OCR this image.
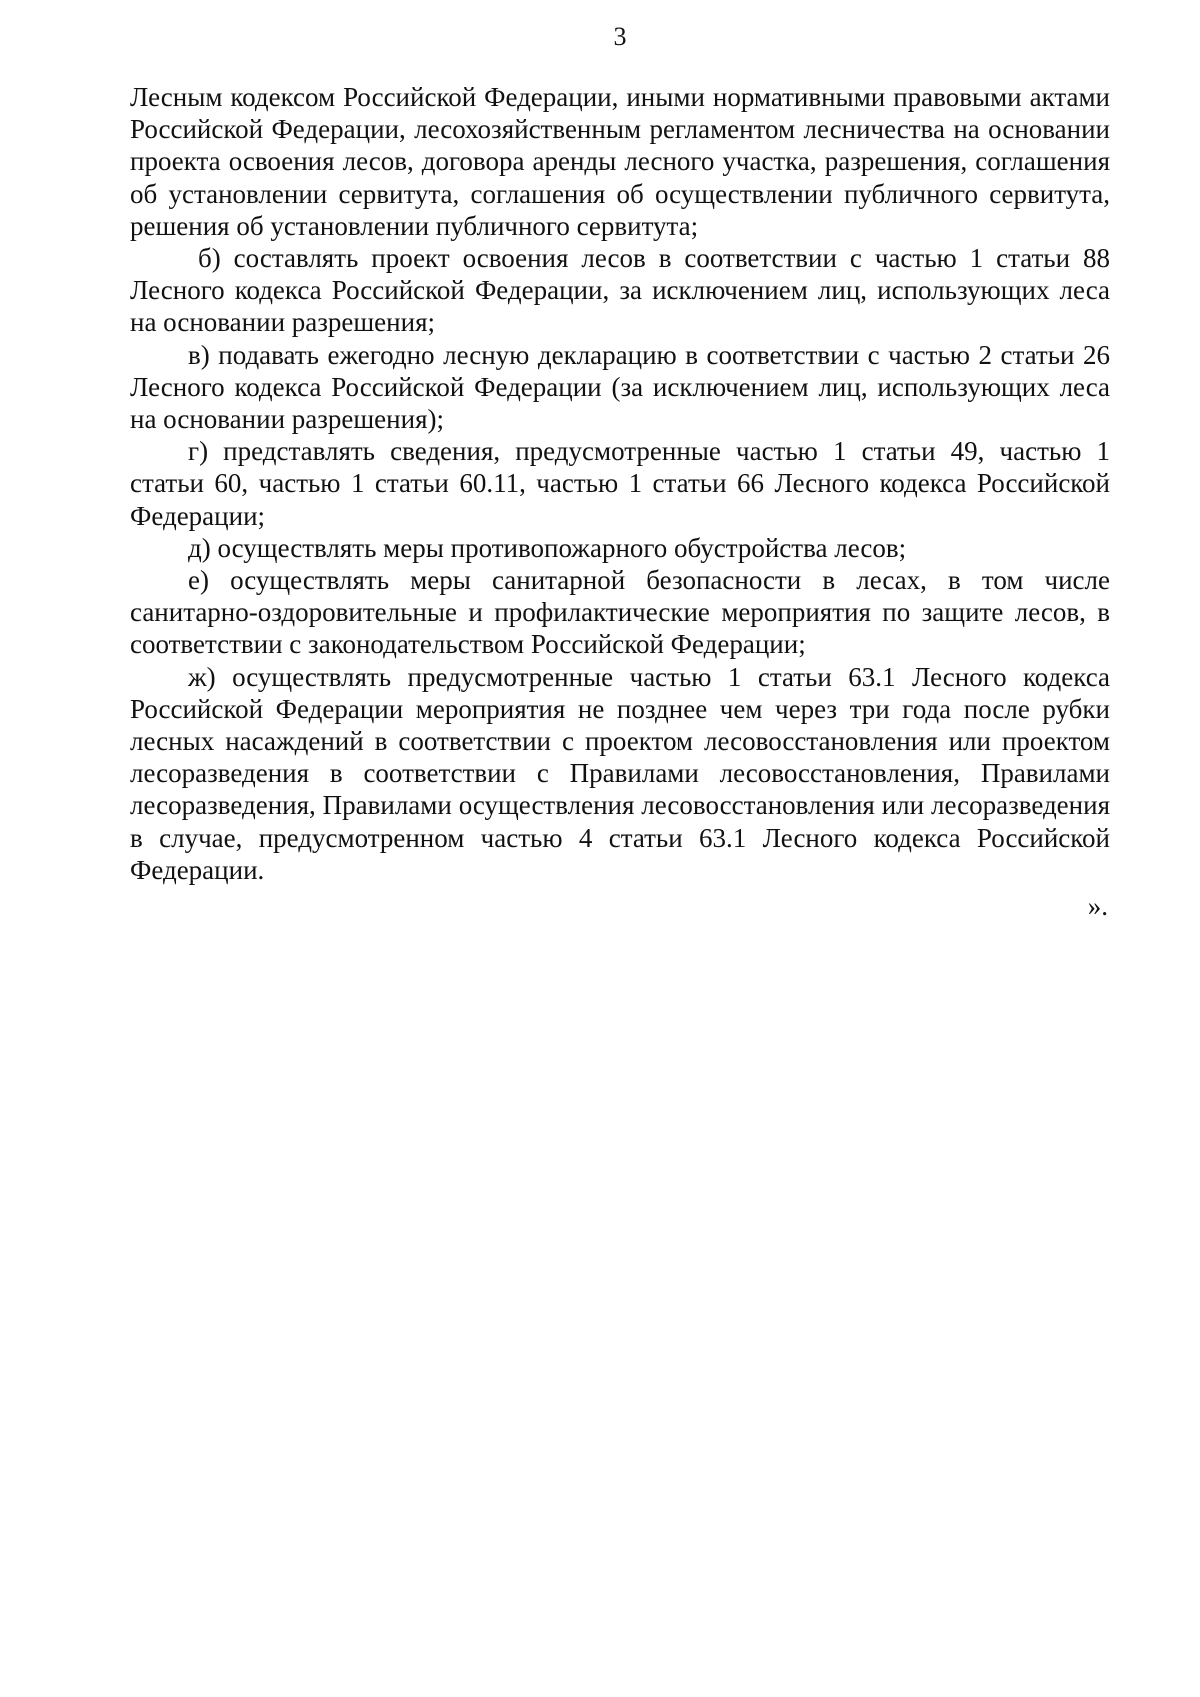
3

Лесным кодексом Российской Федерации, иными нормативными правовыми актами Российской Федерации, лесохозяйственным регламентом лесничества на основании проекта освоения лесов, договора аренды лесного участка, разрешения, соглашения об установлении сервитута, соглашения об осуществлении публичного сервитута, решения об установлении публичного сервитута;

б) составлять проект освоения лесов в соответствии с частью 1 статьи 88 Лесного кодекса Российской Федерации, за исключением лиц, использующих леса на основании разрешения;

в) подавать ежегодно лесную декларацию в соответствии с частью 2 статьи 26 Лесного кодекса Российской Федерации (за исключением лиц, использующих леса на основании разрешения);

г) представлять сведения, предусмотренные частью 1 статьи 49, частью 1 статьи 60, частью 1 статьи 60.11, частью 1 статьи 66 Лесного кодекса Российской Федерации;

д) осуществлять меры противопожарного обустройства лесов;

е) осуществлять меры санитарной безопасности в лесах, в том числе санитарно-оздоровительные и профилактические мероприятия по защите лесов, в соответствии с законодательством Российской Федерации;

ж) осуществлять предусмотренные частью 1 статьи 63.1 Лесного кодекса Российской Федерации мероприятия не позднее чем через три года после рубки лесных насаждений в соответствии с проектом лесовосстановления или проектом лесоразведения в соответствии с Правилами лесовосстановления, Правилами лесоразведения, Правилами осуществления лесовосстановления или лесоразведения в случае, предусмотренном частью 4 статьи 63.1 Лесного кодекса Российской Федерации.

».
